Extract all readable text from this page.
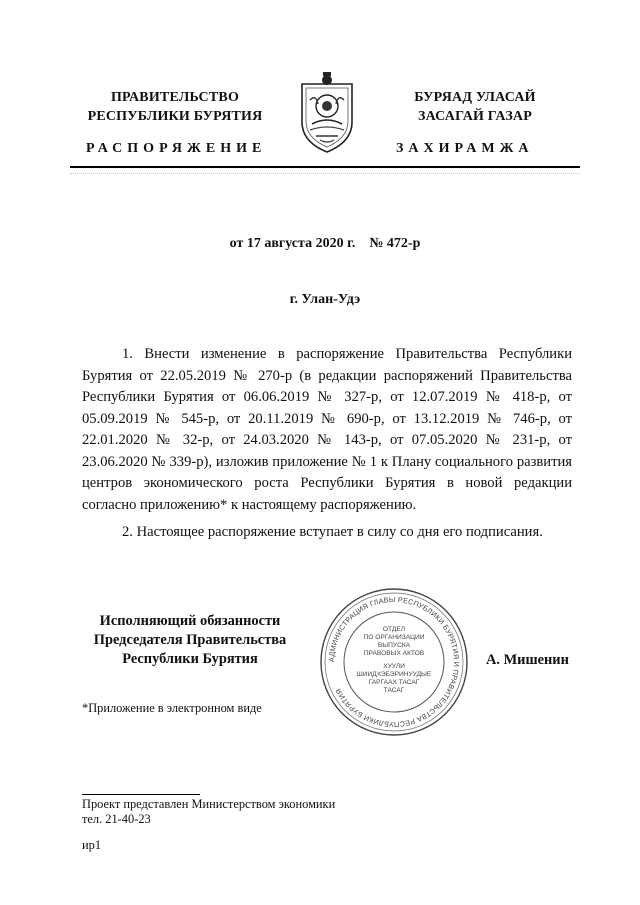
ПРАВИТЕЛЬСТВО
РЕСПУБЛИКИ БУРЯТИЯ
БУРЯАД УЛАСАЙ
ЗАСАГАЙ ГАЗАР
РАСПОРЯЖЕНИЕ	ЗАХИРАМЖА
от 17 августа 2020 г.    № 472-р
г. Улан-Удэ
1. Внести изменение в распоряжение Правительства Республики Бурятия от 22.05.2019 № 270-р (в редакции распоряжений Правительства Республики Бурятия от 06.06.2019 № 327-р, от 12.07.2019 № 418-р, от 05.09.2019 № 545-р, от 20.11.2019 № 690-р, от 13.12.2019 № 746-р, от 22.01.2020 № 32-р, от 24.03.2020 № 143-р, от 07.05.2020 № 231-р, от 23.06.2020 № 339-р), изложив приложение № 1 к Плану социального развития центров экономического роста Республики Бурятия в новой редакции согласно приложению* к настоящему распоряжению.
2. Настоящее распоряжение вступает в силу со дня его подписания.
Исполняющий обязанности
Председателя Правительства
Республики Бурятия	АДМИНИСТРАЦИЯ ГЛАВЫ РЕСПУБЛИКИ БУРЯТИЯ И ПРАВИТЕЛЬСТВА РЕСПУБЛИКИ БУРЯТИЯ
ОТДЕЛ
ПО ОРГАНИЗАЦИИ
ВЫПУСКА
ПРАВОВЫХ АКТОВ
ХУУЛИ
ШИИДХЭБЭРИНУУДЫЕ
ГАРГААХ ТАСАГ
ТАСАГ
А. Мишенин
*Приложение в электронном виде
Проект представлен Министерством экономики
тел. 21-40-23
ир1
